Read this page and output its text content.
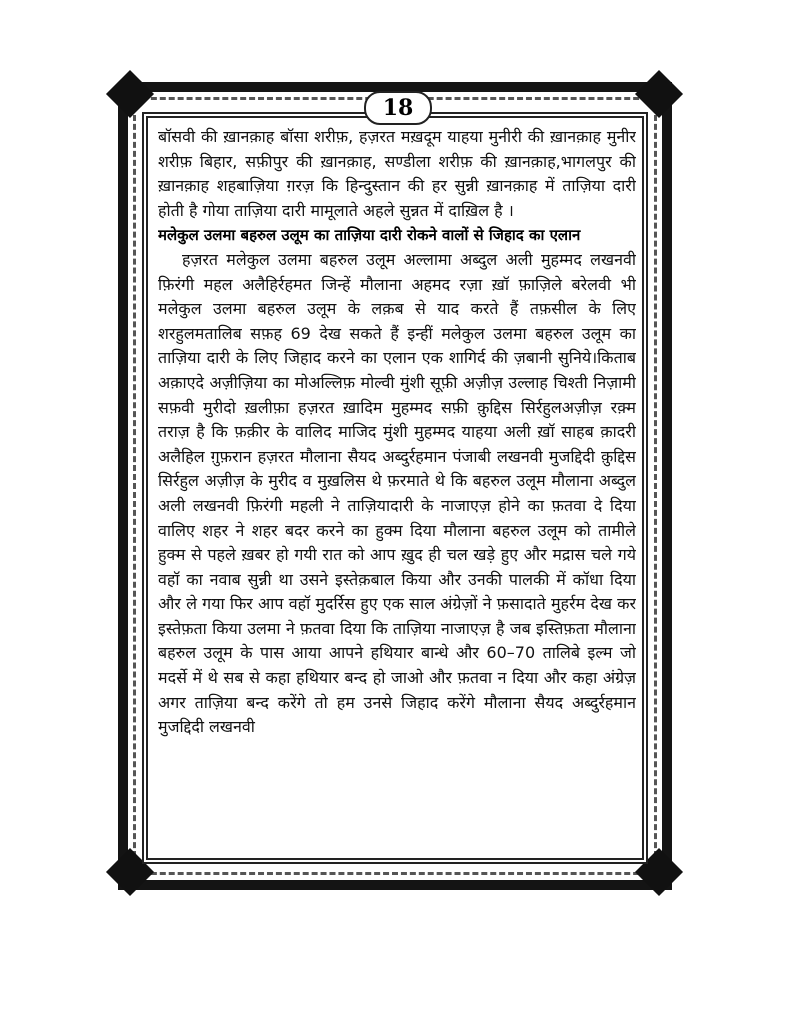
18

बॉसवी की ख़ानक़ाह बॉसा शरीफ़, हज़रत मख़दूम याहया मुनीरी की ख़ानक़ाह मुनीर शरीफ़ बिहार, सफ़ीपुर की ख़ानक़ाह, सण्डीला शरीफ़ की ख़ानक़ाह,भागलपुर की ख़ानक़ाह शहबाज़िया ग़रज़ कि हिन्दुस्तान की हर सुन्नी ख़ानक़ाह में ताज़िया दारी होती है गोया ताज़िया दारी मामूलाते अहले सुन्नत में दाख़िल है ।

मलेकुल उलमा बहरुल उलूम का ताज़िया दारी रोकने वालों से जिहाद का एलान

हज़रत मलेकुल उलमा बहरुल उलूम अल्लामा अब्दुल अली मुहम्मद लखनवी फ़िरंगी महल अलैहिर्रहमत जिन्हें मौलाना अहमद रज़ा ख़ॉ फ़ाज़िले बरेलवी भी मलेकुल उलमा बहरुल उलूम के लक़ब से याद करते हैं तफ़सील के लिए शरहुलमतालिब सफ़ह 69 देख सकते हैं इन्हीं मलेकुल उलमा बहरुल उलूम का ताज़िया दारी के लिए जिहाद करने का एलान एक शागिर्द की ज़बानी सुनिये।किताब अक़ाएदे अज़ीज़िया का मोअल्लिफ़ मोल्वी मुंशी सूफ़ी अज़ीज़ उल्लाह चिश्ती निज़ामी सफ़वी मुरीदो ख़लीफ़ा हज़रत ख़ादिम मुहम्मद सफ़ी क़ुद्दिस सिर्रहुलअज़ीज़ रक़्म तराज़ है कि फ़क़ीर के वालिद माजिद मुंशी मुहम्मद याहया अली ख़ॉ साहब क़ादरी अलैहिल ग़ुफ़रान हज़रत मौलाना सैयद अब्दुर्रहमान पंजाबी लखनवी मुजद्दिदी क़ुद्दिस सिर्रहुल अज़ीज़ के मुरीद व मुख़लिस थे फ़रमाते थे कि बहरुल उलूम मौलाना अब्दुल अली लखनवी फ़िरंगी महली ने ताज़ियादारी के नाजाएज़ होने का फ़तवा दे दिया वालिए शहर ने शहर बदर करने का हुक्म दिया मौलाना बहरुल उलूम को तामीले हुक्म से पहले ख़बर हो गयी रात को आप ख़ुद ही चल खड़े हुए और मद्रास चले गये वहॉ का नवाब सुन्नी था उसने इस्तेक़बाल किया और उनकी पालकी में कॉधा दिया और ले गया फिर आप वहॉ मुदर्रिस हुए एक साल अंग्रेज़ों ने फ़सादाते मुहर्रम देख कर इस्तेफ़ता किया उलमा ने फ़तवा दिया कि ताज़िया नाजाएज़ है जब इस्तिफ़ता मौलाना बहरुल उलूम के पास आया आपने हथियार बान्धे और 60–70 तालिबे इल्म जो मदर्से में थे सब से कहा हथियार बन्द हो जाओ और फ़तवा न दिया और कहा अंग्रेज़ अगर ताज़िया बन्द करेंगे तो हम उनसे जिहाद करेंगे मौलाना सैयद अब्दुर्रहमान मुजद्दिदी लखनवी
